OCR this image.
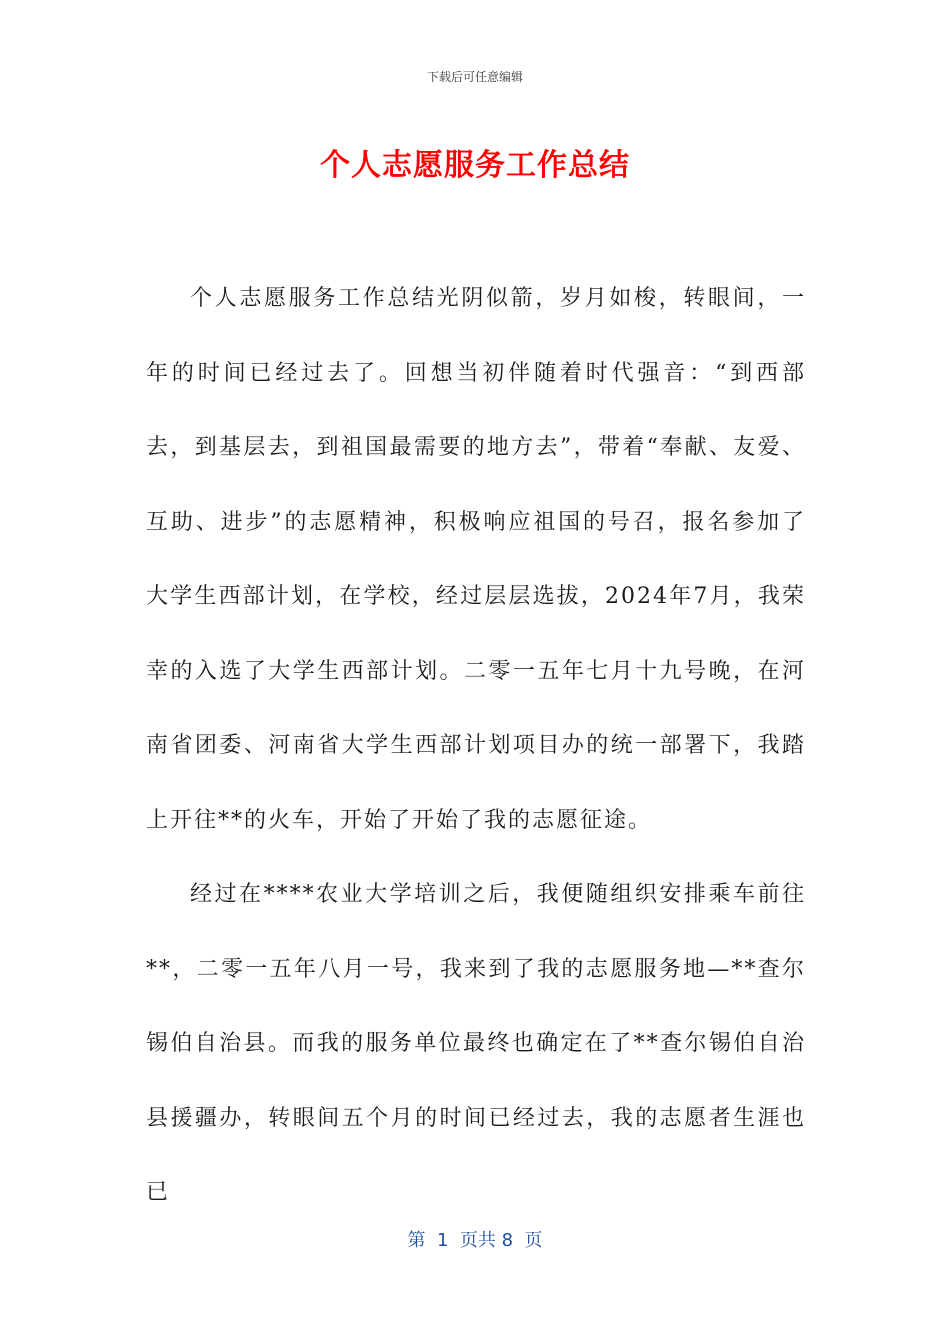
下载后可任意编辑
个人志愿服务工作总结

个人志愿服务工作总结光阴似箭，岁月如梭，转眼间，一年的时间已经过去了。回想当初伴随着时代强音：“到西部去，到基层去，到祖国最需要的地方去”，带着“奉献、友爱、互助、进步”的志愿精神，积极响应祖国的号召，报名参加了大学生西部计划，在学校，经过层层选拔，2024年7月，我荣幸的入选了大学生西部计划。二零一五年七月十九号晚，在河南省团委、河南省大学生西部计划项目办的统一部署下，我踏上开往**的火车，开始了开始了我的志愿征途。

经过在****农业大学培训之后，我便随组织安排乘车前往**，二零一五年八月一号，我来到了我的志愿服务地—**查尔锡伯自治县。而我的服务单位最终也确定在了**查尔锡伯自治县援疆办，转眼间五个月的时间已经过去，我的志愿者生涯也已

第  1  页共 8  页
